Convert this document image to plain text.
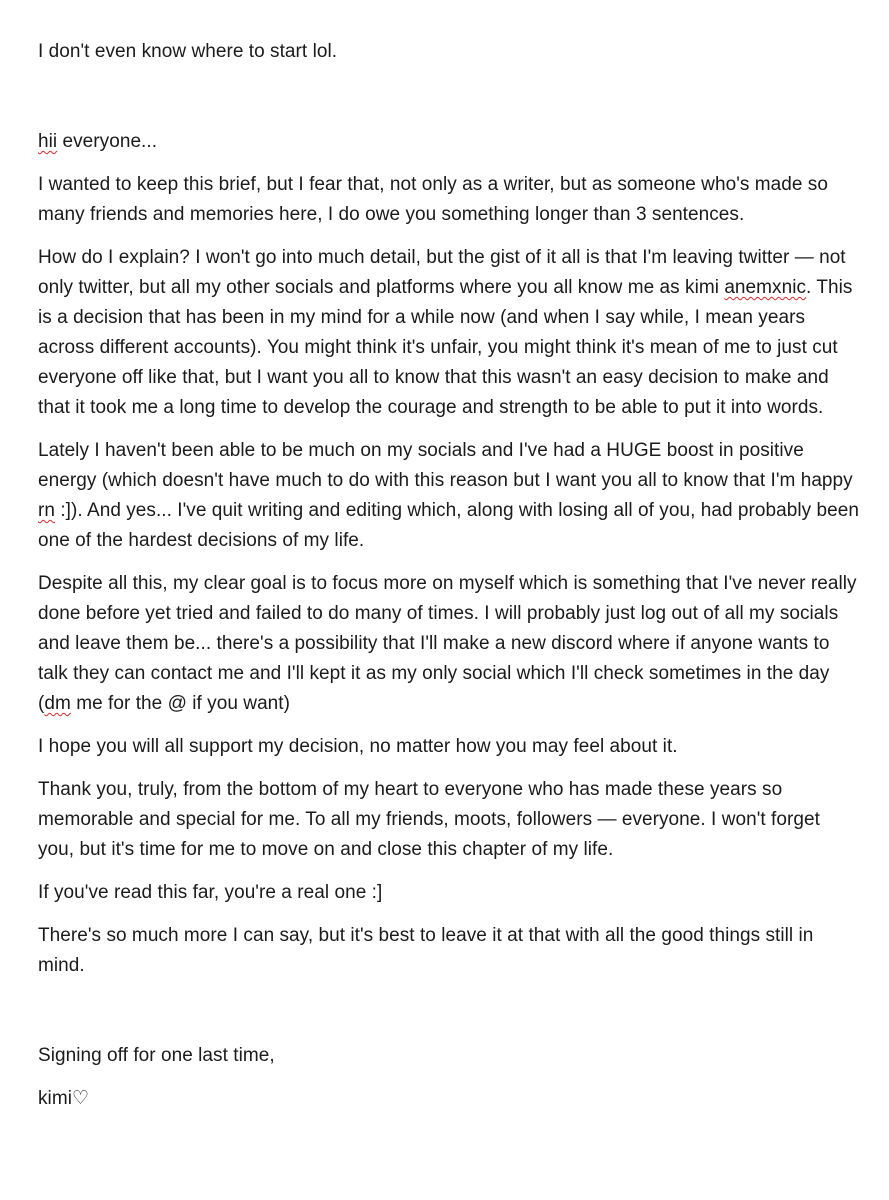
I don't even know where to start lol.

hii everyone...

I wanted to keep this brief, but I fear that, not only as a writer, but as someone who's made so many friends and memories here, I do owe you something longer than 3 sentences.

How do I explain? I won't go into much detail, but the gist of it all is that I'm leaving twitter — not only twitter, but all my other socials and platforms where you all know me as kimi anemxnic. This is a decision that has been in my mind for a while now (and when I say while, I mean years across different accounts). You might think it's unfair, you might think it's mean of me to just cut everyone off like that, but I want you all to know that this wasn't an easy decision to make and that it took me a long time to develop the courage and strength to be able to put it into words.

Lately I haven't been able to be much on my socials and I've had a HUGE boost in positive energy (which doesn't have much to do with this reason but I want you all to know that I'm happy rn :]). And yes... I've quit writing and editing which, along with losing all of you, had probably been one of the hardest decisions of my life.

Despite all this, my clear goal is to focus more on myself which is something that I've never really done before yet tried and failed to do many of times. I will probably just log out of all my socials and leave them be... there's a possibility that I'll make a new discord where if anyone wants to talk they can contact me and I'll kept it as my only social which I'll check sometimes in the day (dm me for the @ if you want)

I hope you will all support my decision, no matter how you may feel about it.

Thank you, truly, from the bottom of my heart to everyone who has made these years so memorable and special for me. To all my friends, moots, followers — everyone. I won't forget you, but it's time for me to move on and close this chapter of my life.

If you've read this far, you're a real one :]

There's so much more I can say, but it's best to leave it at that with all the good things still in mind.

Signing off for one last time,

kimi♡
